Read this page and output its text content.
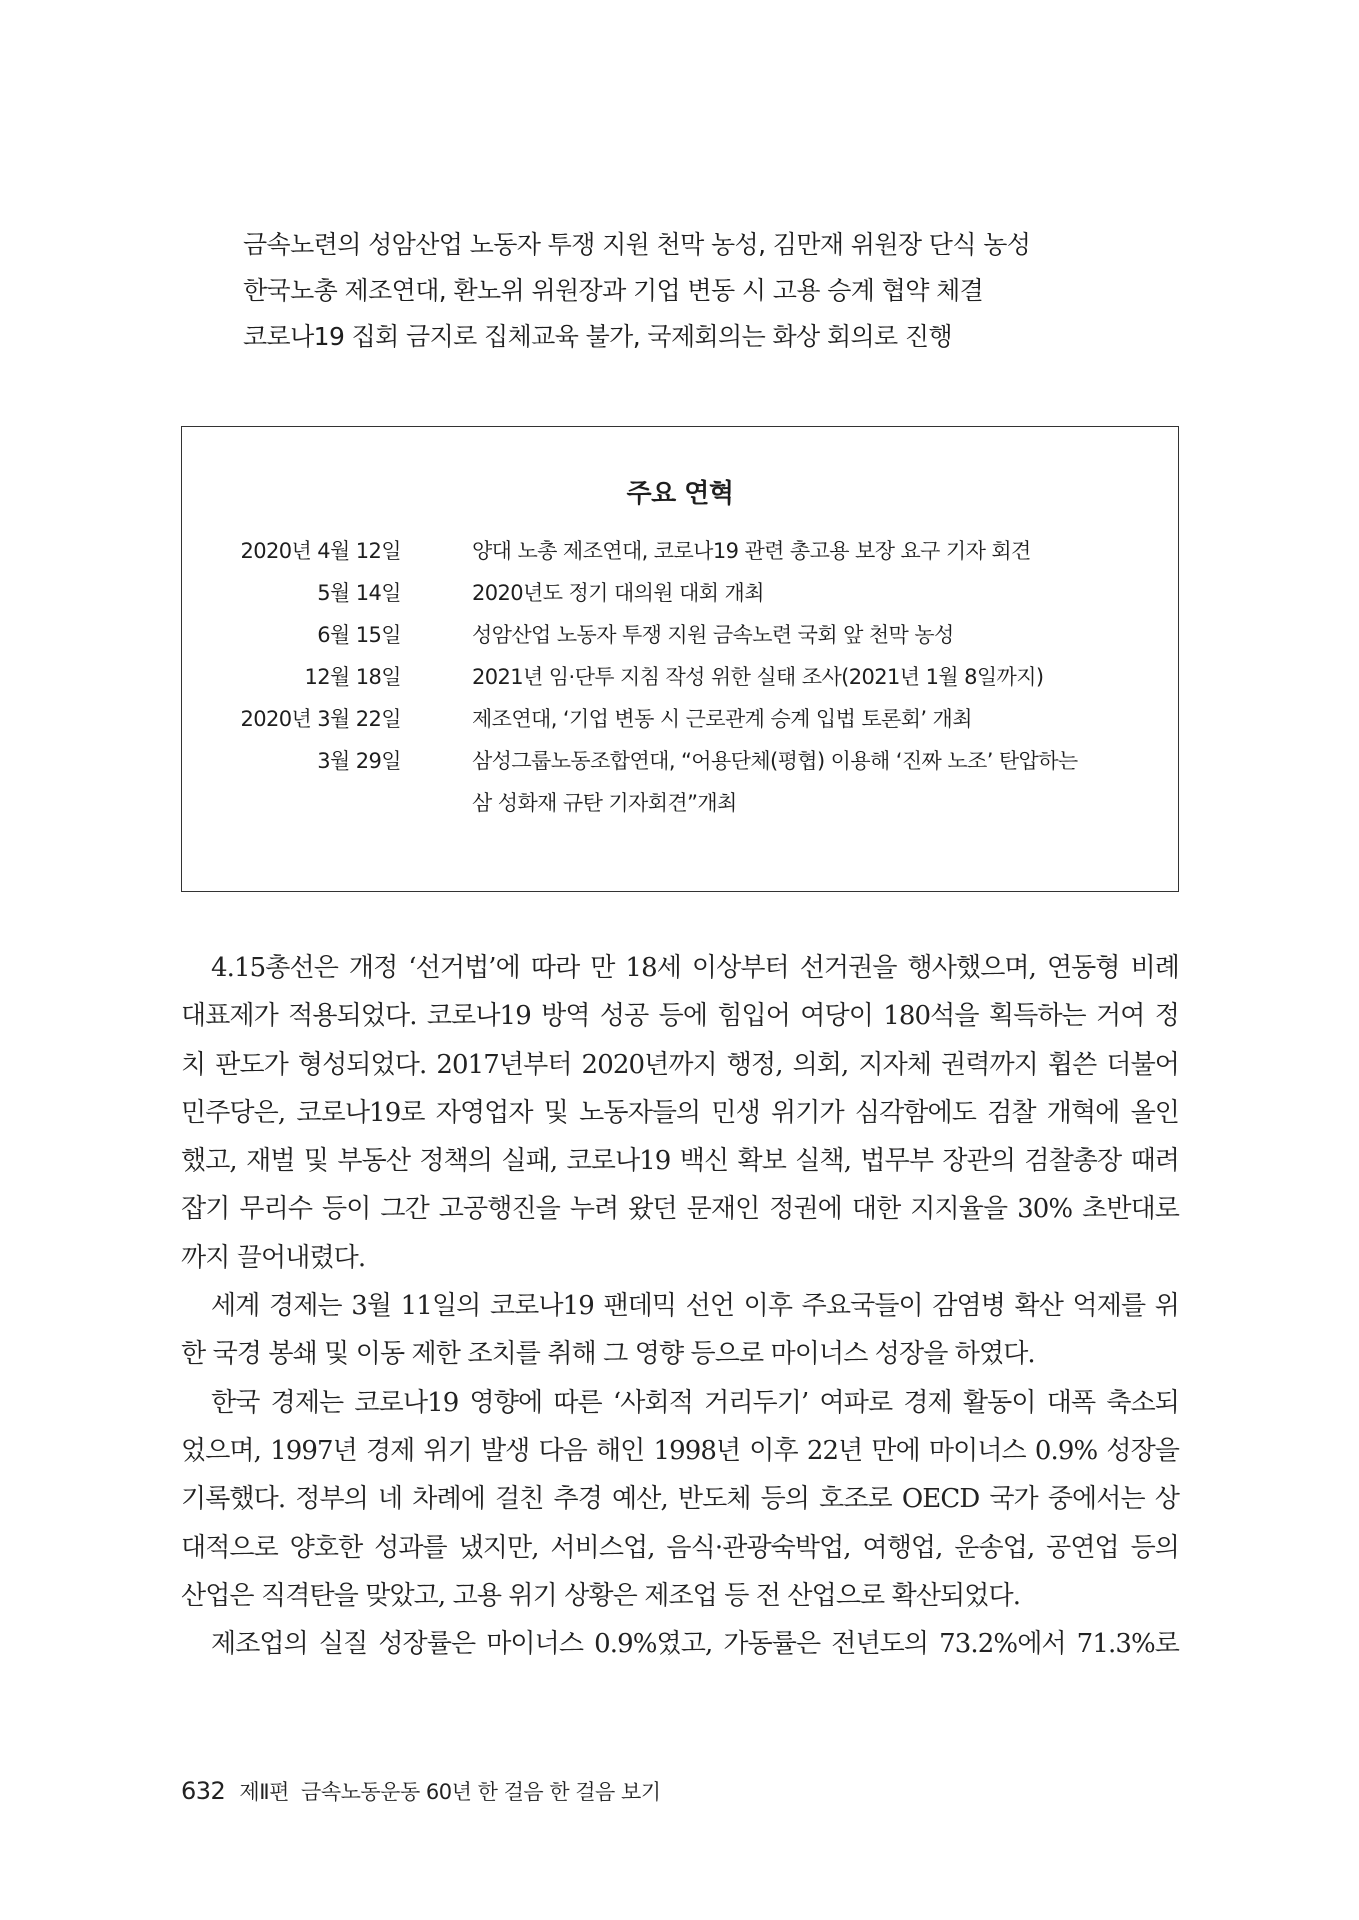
금속노련의 성암산업 노동자 투쟁 지원 천막 농성, 김만재 위원장 단식 농성
한국노총 제조연대, 환노위 위원장과 기업 변동 시 고용 승계 협약 체결
코로나19 집회 금지로 집체교육 불가, 국제회의는 화상 회의로 진행
주요 연혁
2020년 4월 12일	양대 노총 제조연대, 코로나19 관련 총고용 보장 요구 기자 회견
5월 14일	2020년도 정기 대의원 대회 개최
6월 15일	성암산업 노동자 투쟁 지원 금속노련 국회 앞 천막 농성
12월 18일	2021년 임·단투 지침 작성 위한 실태 조사(2021년 1월 8일까지)
2020년 3월 22일	제조연대, ‘기업 변동 시 근로관계 승계 입법 토론회’ 개최
3월 29일	삼성그룹노동조합연대, “어용단체(평협) 이용해 ‘진짜 노조’ 탄압하는
삼 성화재 규탄 기자회견”개최
4.15총선은 개정 ‘선거법’에 따라 만 18세 이상부터 선거권을 행사했으며, 연동형 비례
대표제가 적용되었다. 코로나19 방역 성공 등에 힘입어 여당이 180석을 획득하는 거여 정
치 판도가 형성되었다. 2017년부터 2020년까지 행정, 의회, 지자체 권력까지 휩쓴 더불어
민주당은, 코로나19로 자영업자 및 노동자들의 민생 위기가 심각함에도 검찰 개혁에 올인
했고, 재벌 및 부동산 정책의 실패, 코로나19 백신 확보 실책, 법무부 장관의 검찰총장 때려
잡기 무리수 등이 그간 고공행진을 누려 왔던 문재인 정권에 대한 지지율을 30% 초반대로
까지 끌어내렸다.
세계 경제는 3월 11일의 코로나19 팬데믹 선언 이후 주요국들이 감염병 확산 억제를 위
한 국경 봉쇄 및 이동 제한 조치를 취해 그 영향 등으로 마이너스 성장을 하였다.
한국 경제는 코로나19 영향에 따른 ‘사회적 거리두기’ 여파로 경제 활동이 대폭 축소되
었으며, 1997년 경제 위기 발생 다음 해인 1998년 이후 22년 만에 마이너스 0.9% 성장을
기록했다. 정부의 네 차례에 걸친 추경 예산, 반도체 등의 호조로 OECD 국가 중에서는 상
대적으로 양호한 성과를 냈지만, 서비스업, 음식·관광숙박업, 여행업, 운송업, 공연업 등의
산업은 직격탄을 맞았고, 고용 위기 상황은 제조업 등 전 산업으로 확산되었다.
제조업의 실질 성장률은 마이너스 0.9%였고, 가동률은 전년도의 73.2%에서 71.3%로
632 제Ⅱ편 금속노동운동 60년 한 걸음 한 걸음 보기
